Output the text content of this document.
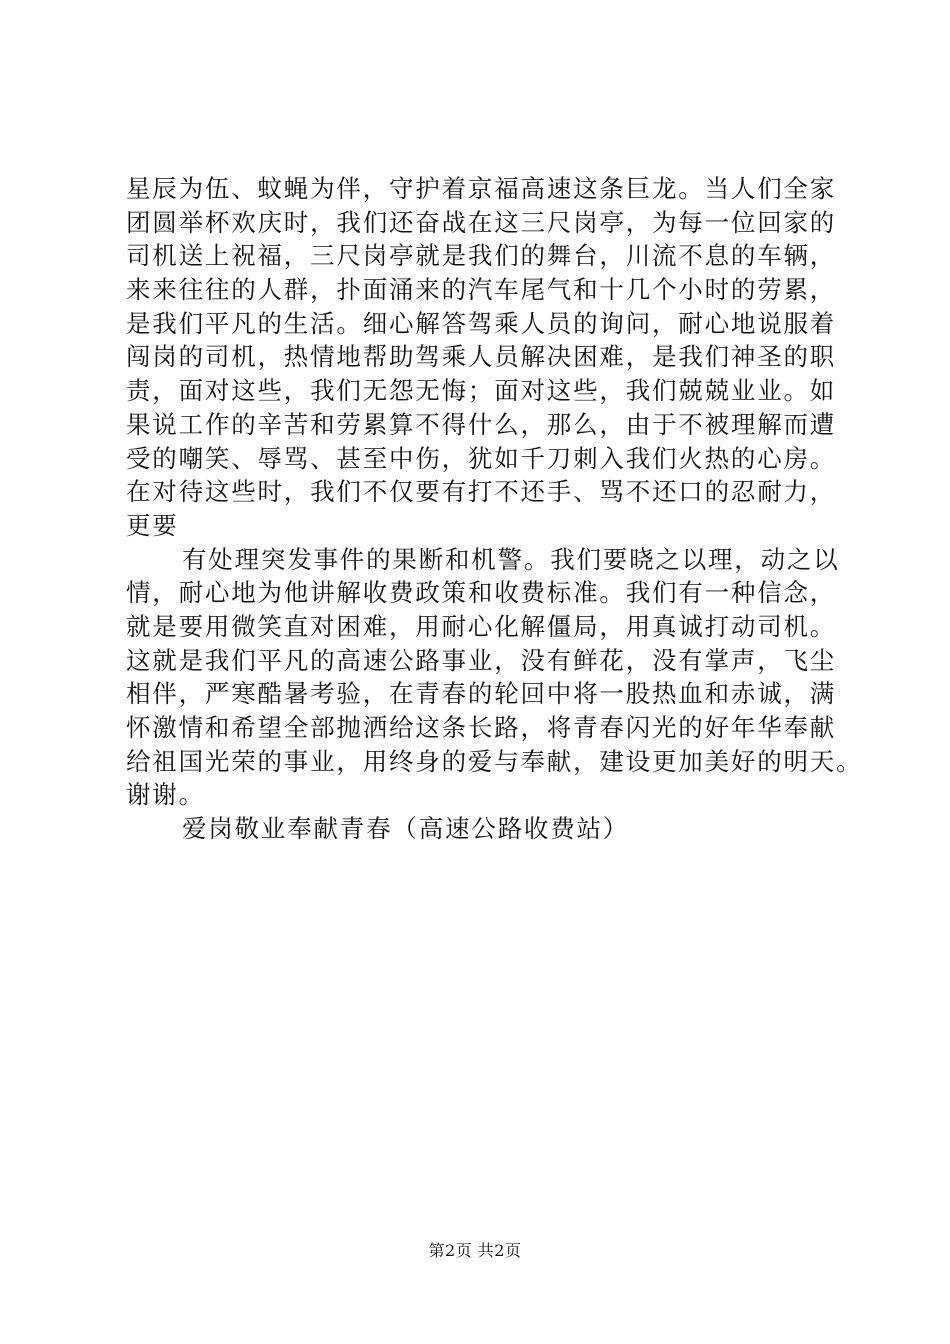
星辰为伍、蚊蝇为伴，守护着京福高速这条巨龙。当人们全家
团圆举杯欢庆时，我们还奋战在这三尺岗亭，为每一位回家的
司机送上祝福，三尺岗亭就是我们的舞台，川流不息的车辆，
来来往往的人群，扑面涌来的汽车尾气和十几个小时的劳累，
是我们平凡的生活。细心解答驾乘人员的询问，耐心地说服着
闯岗的司机，热情地帮助驾乘人员解决困难，是我们神圣的职
责，面对这些，我们无怨无悔；面对这些，我们兢兢业业。如
果说工作的辛苦和劳累算不得什么，那么，由于不被理解而遭
受的嘲笑、辱骂、甚至中伤，犹如千刀刺入我们火热的心房。
在对待这些时，我们不仅要有打不还手、骂不还口的忍耐力，
更要
有处理突发事件的果断和机警。我们要晓之以理，动之以
情，耐心地为他讲解收费政策和收费标准。我们有一种信念，
就是要用微笑直对困难，用耐心化解僵局，用真诚打动司机。
这就是我们平凡的高速公路事业，没有鲜花，没有掌声，飞尘
相伴，严寒酷暑考验，在青春的轮回中将一股热血和赤诚，满
怀激情和希望全部抛洒给这条长路，将青春闪光的好年华奉献
给祖国光荣的事业，用终身的爱与奉献，建设更加美好的明天。
谢谢。
爱岗敬业奉献青春（高速公路收费站）
第2页 共2页
